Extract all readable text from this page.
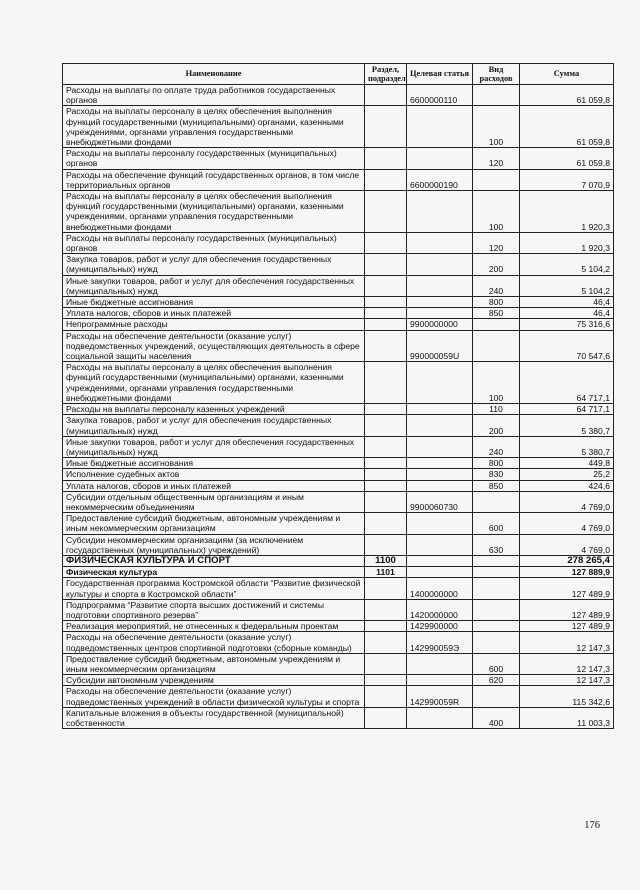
Наименование	Раздел, подраздел	Целевая статья	Вид расходов	Сумма
Расходы на выплаты по оплате труда работников государственных органов		6600000110		61 059,8
Расходы на выплаты персоналу в целях обеспечения выполнения функций государственными (муниципальными) органами, казенными учреждениями, органами управления государственными внебюджетными фондами			100	61 059,8
Расходы на выплаты персоналу государственных (муниципальных) органов			120	61 059,8
Расходы на обеспечение функций государственных органов, в том числе территориальных органов		6600000190		7 070,9
Расходы на выплаты персоналу в целях обеспечения выполнения функций государственными (муниципальными) органами, казенными учреждениями, органами управления государственными внебюджетными фондами			100	1 920,3
Расходы на выплаты персоналу государственных (муниципальных) органов			120	1 920,3
Закупка товаров, работ и услуг для обеспечения государственных (муниципальных) нужд			200	5 104,2
Иные закупки товаров, работ и услуг для обеспечения государственных (муниципальных) нужд			240	5 104,2
Иные бюджетные ассигнования			800	46,4
Уплата налогов, сборов и иных платежей			850	46,4
Непрограммные расходы		9900000000		75 316,6
Расходы на обеспечение деятельности (оказание услуг) подведомственных учреждений, осуществляющих деятельность в сфере социальной защиты населения		990000059U		70 547,6
Расходы на выплаты персоналу в целях обеспечения выполнения функций государственными (муниципальными) органами, казенными учреждениями, органами управления государственными внебюджетными фондами			100	64 717,1
Расходы на выплаты персоналу казенных учреждений			110	64 717,1
Закупка товаров, работ и услуг для обеспечения государственных (муниципальных) нужд			200	5 380,7
Иные закупки товаров, работ и услуг для обеспечения государственных (муниципальных) нужд			240	5 380,7
Иные бюджетные ассигнования			800	449,8
Исполнение судебных актов			830	25,2
Уплата налогов, сборов и иных платежей			850	424,6
Субсидии отдельным общественным организациям и иным некоммерческим объединениям		9900060730		4 769,0
Предоставление субсидий бюджетным, автономным учреждениям и иным некоммерческим организациям			600	4 769,0
Субсидии некоммерческим организациям (за исключением государственных (муниципальных) учреждений)			630	4 769,0
ФИЗИЧЕСКАЯ КУЛЬТУРА И СПОРТ	1100			278 265,4
Физическая культура	1101			127 889,9
Государственная программа Костромской области “Развитие физической культуры и спорта в Костромской области”		1400000000		127 489,9
Подпрограмма “Развитие спорта высших достижений и системы подготовки спортивного резерва”		1420000000		127 489,9
Реализация мероприятий, не отнесенных к федеральным проектам		1429900000		127 489,9
Расходы на обеспечение деятельности (оказание услуг) подведомственных центров спортивной подготовки (сборные команды)		142990059Э		12 147,3
Предоставление субсидий бюджетным, автономным учреждениям и иным некоммерческим организациям			600	12 147,3
Субсидии автономным учреждениям			620	12 147,3
Расходы на обеспечение деятельности (оказание услуг) подведомственных учреждений в области физической культуры и спорта		142990059R		115 342,6
Капитальные вложения в объекты государственной (муниципальной) собственности			400	11 003,3
176
